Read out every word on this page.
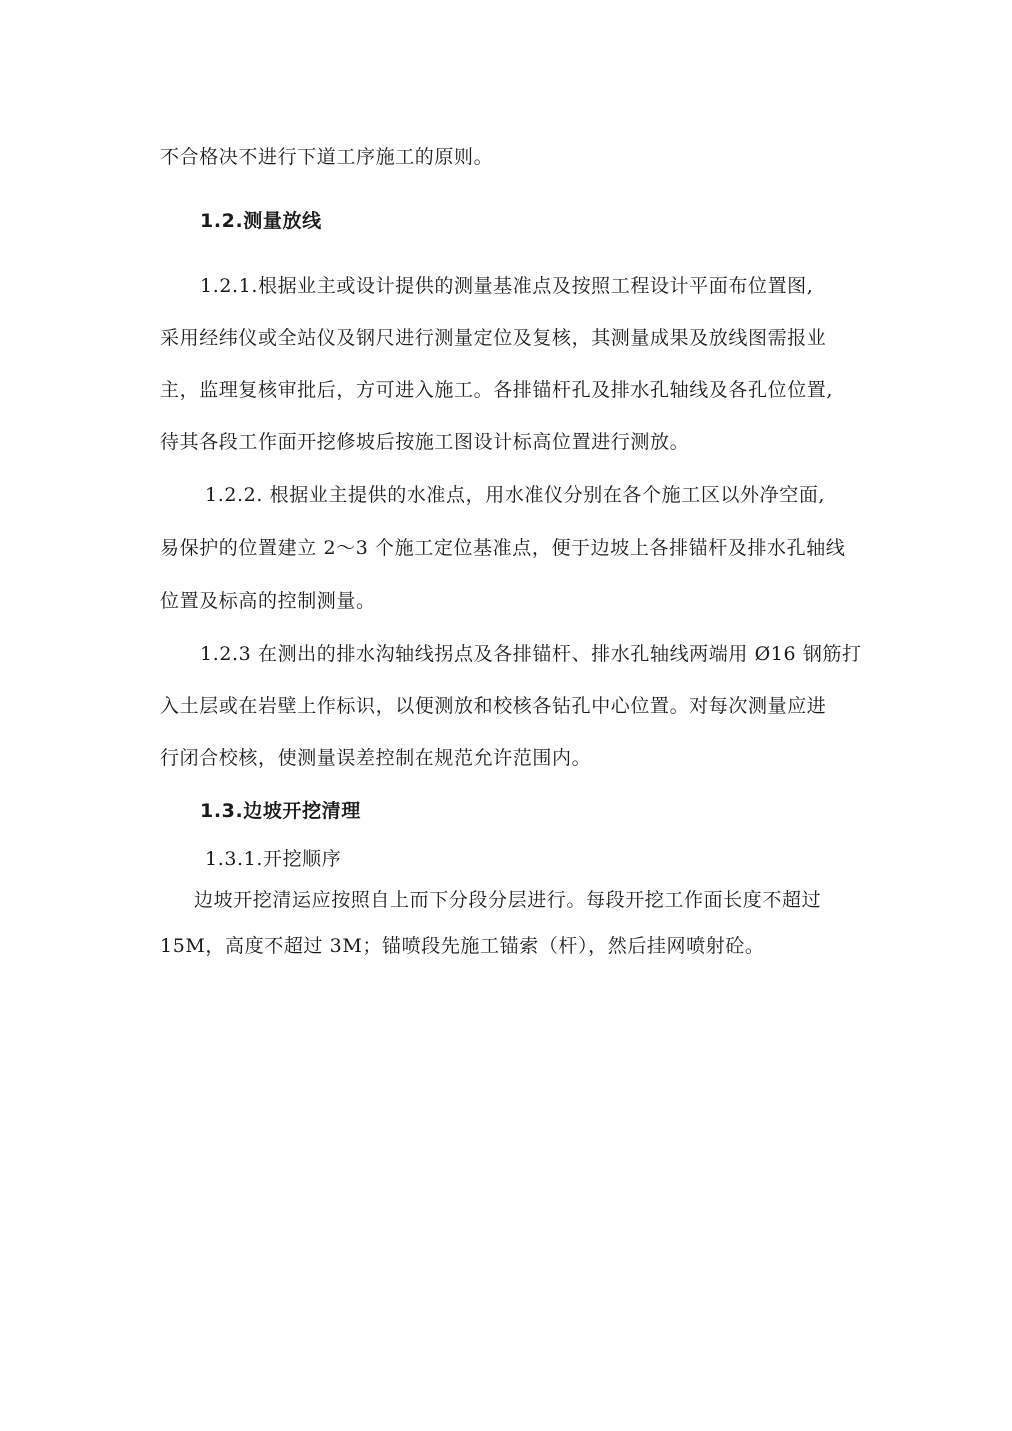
不合格决不进行下道工序施工的原则。
1.2.测量放线
1.2.1.根据业主或设计提供的测量基准点及按照工程设计平面布位置图,
采用经纬仪或全站仪及钢尺进行测量定位及复核，其测量成果及放线图需报业
主，监理复核审批后，方可进入施工。各排锚杆孔及排水孔轴线及各孔位位置,
待其各段工作面开挖修坡后按施工图设计标高位置进行测放。
1.2.2. 根据业主提供的水准点，用水准仪分别在各个施工区以外净空面,
易保护的位置建立 2～3 个施工定位基准点，便于边坡上各排锚杆及排水孔轴线
位置及标高的控制测量。
1.2.3 在测出的排水沟轴线拐点及各排锚杆、排水孔轴线两端用 Ø16 钢筋打
入土层或在岩壁上作标识，以便测放和校核各钻孔中心位置。对每次测量应进
行闭合校核，使测量误差控制在规范允许范围内。
1.3.边坡开挖清理
1.3.1.开挖顺序
边坡开挖清运应按照自上而下分段分层进行。每段开挖工作面长度不超过
15M，高度不超过 3M；锚喷段先施工锚索（杆），然后挂网喷射砼。
